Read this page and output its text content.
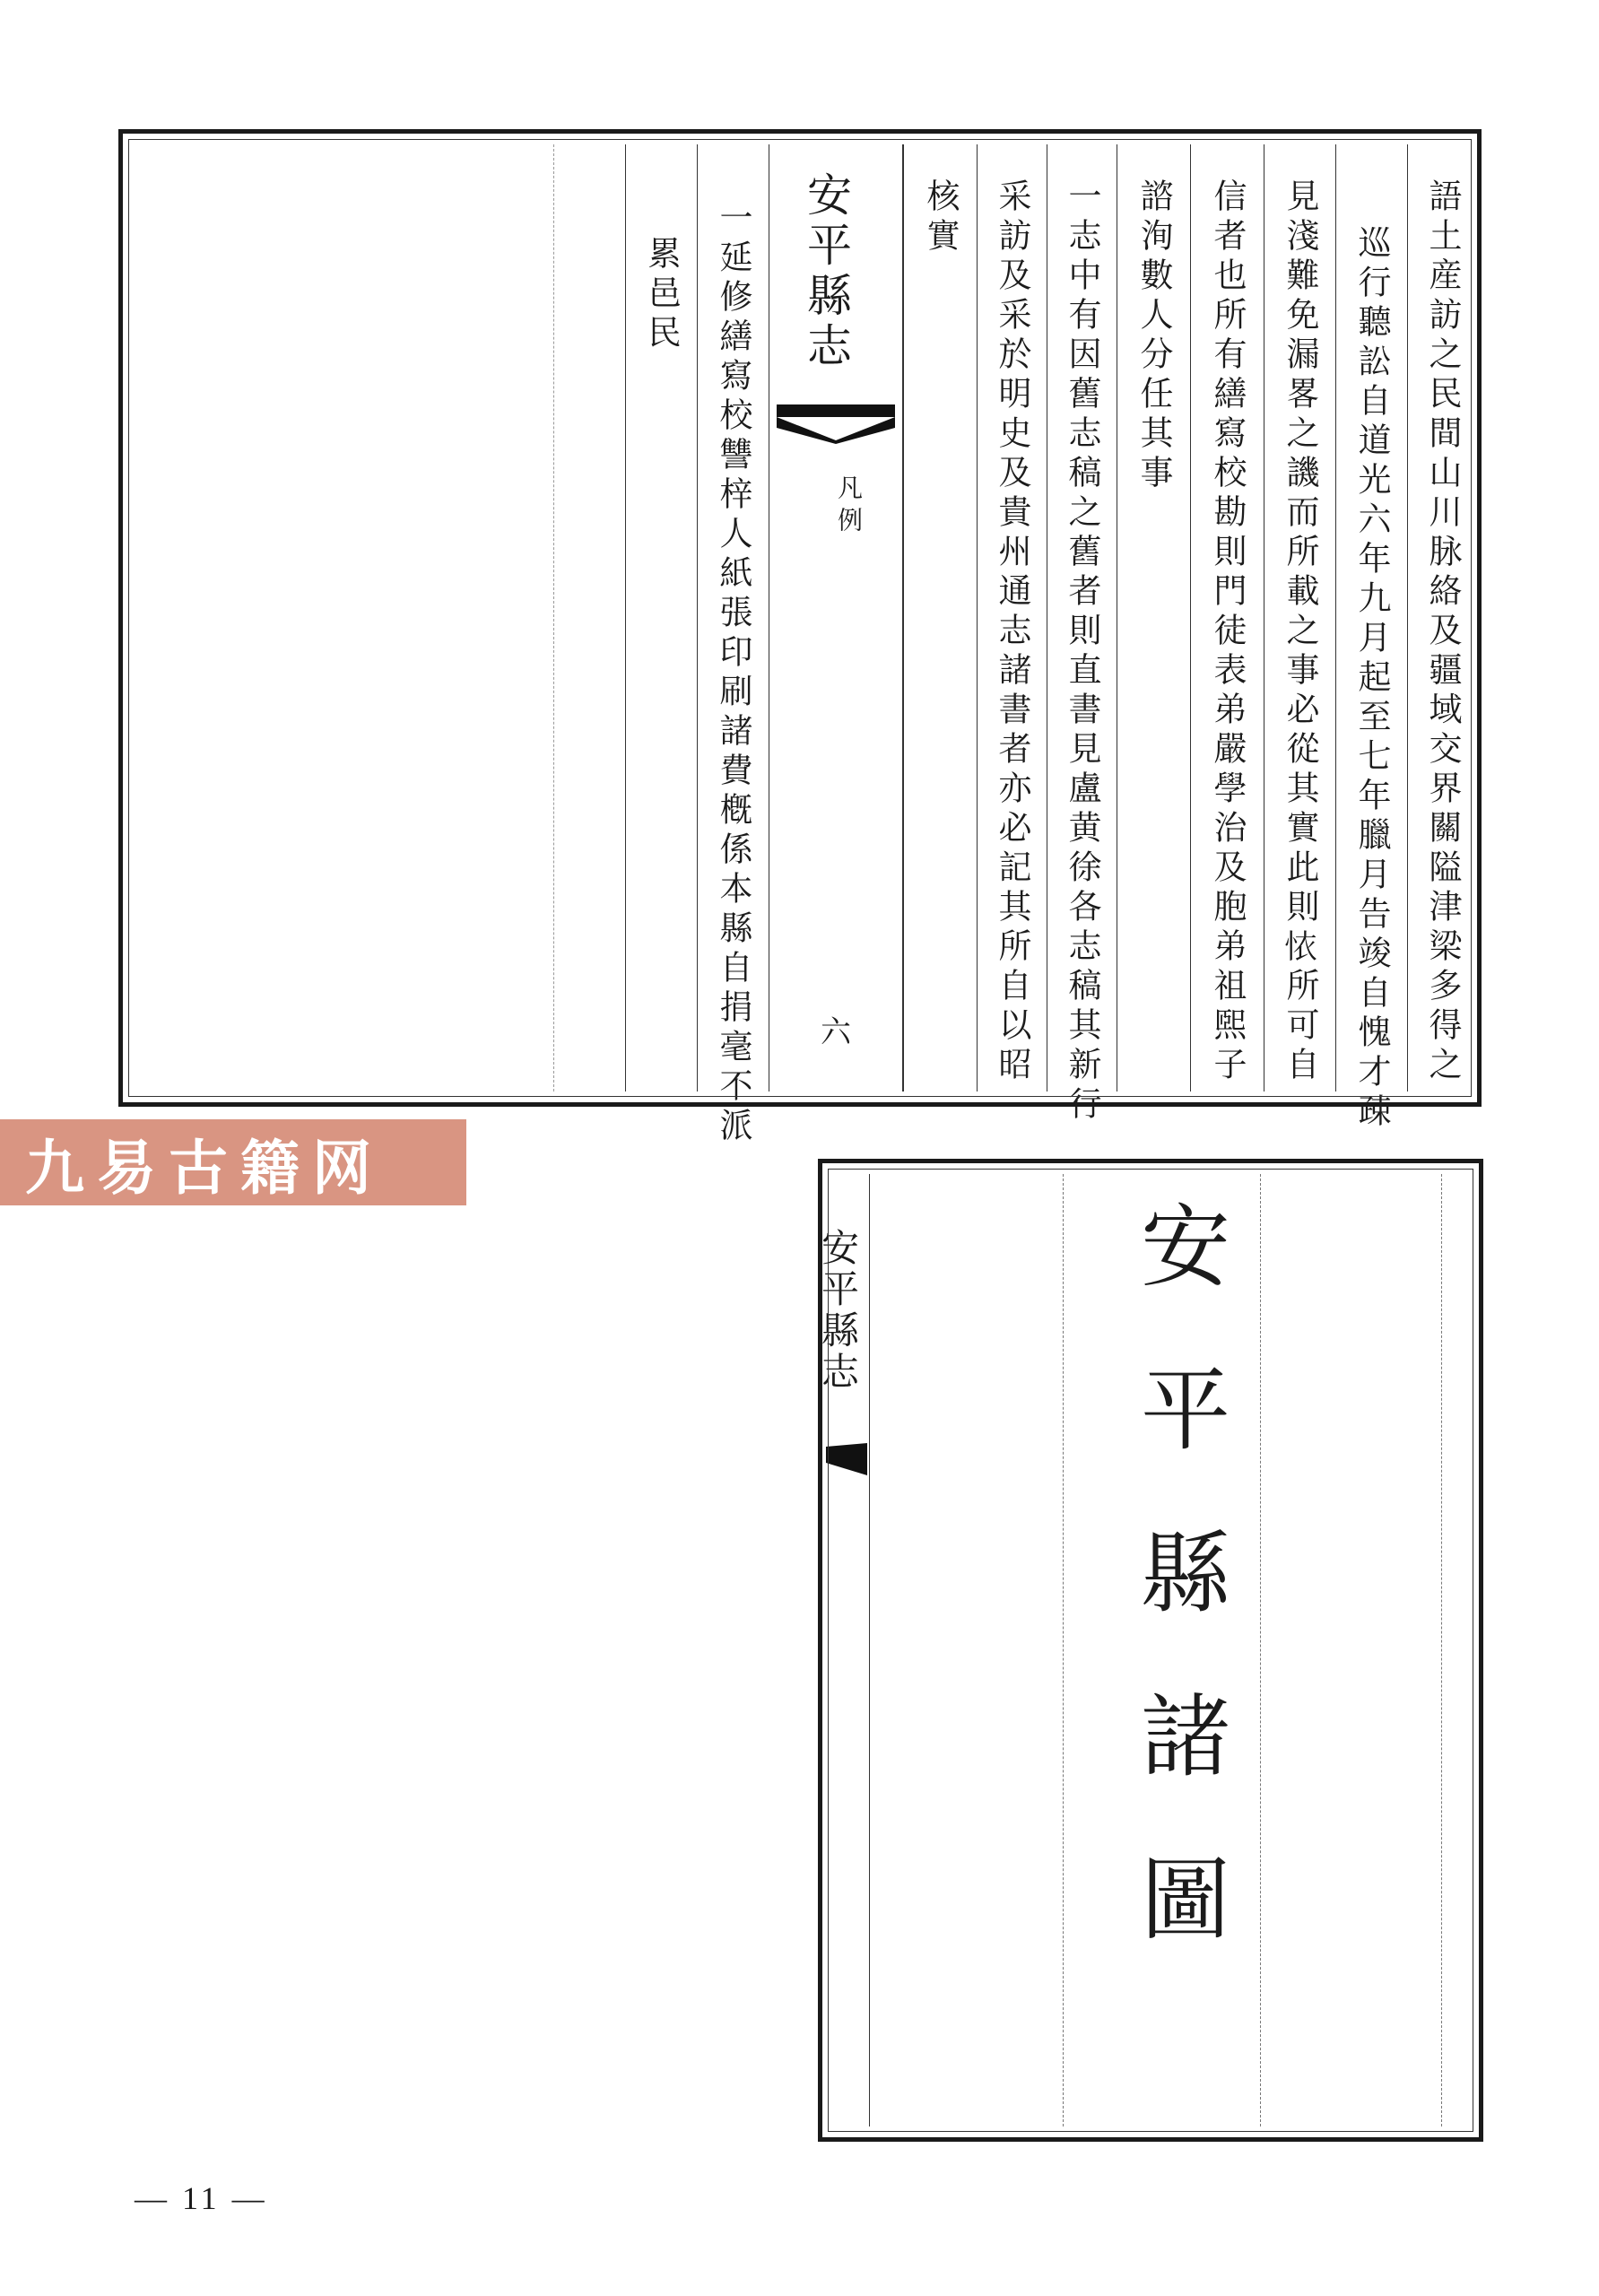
語土産訪之民間山川脉絡及疆域交界關隘津梁多得之
巡行聽訟自道光六年九月起至七年臘月告竣自愧才疎
見淺難免漏畧之譏而所載之事必從其實此則𢙇所可自
信者也所有繕寫校勘則門徒表弟嚴學治及胞弟祖煕子
諮洵數人分任其事
一志中有因舊志稿之舊者則直書見盧黄徐各志稿其新行
采訪及采於明史及貴州通志諸書者亦必記其所自以昭
核實
安平縣志
凡例
六
一延修繕寫校讐梓人紙張印刷諸費槪係本縣自捐毫不派
累邑民
九易古籍网
安平縣志	安平縣諸圖
— 11 —
